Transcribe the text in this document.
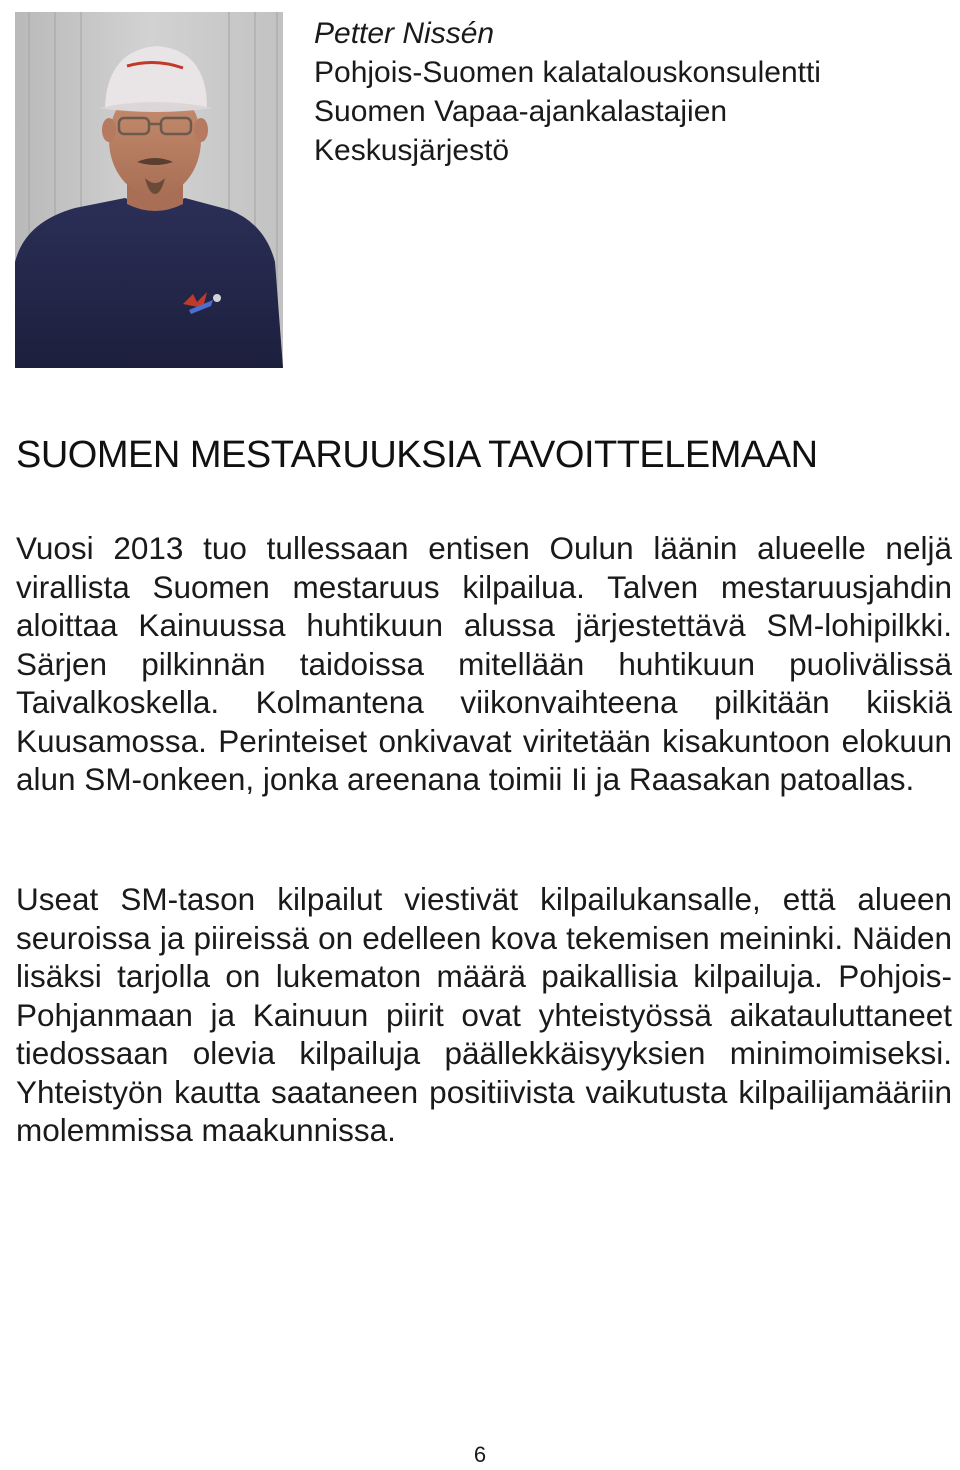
Petter Nissén
Pohjois-Suomen kalatalouskonsulentti
Suomen Vapaa-ajankalastajien
Keskusjärjestö
SUOMEN MESTARUUKSIA TAVOITTELEMAAN

Vuosi 2013 tuo tullessaan entisen Oulun läänin alueelle neljä virallista Suomen mestaruus kilpailua. Talven mestaruusjahdin aloittaa Kainuussa huhtikuun alussa järjestettävä SM-lohipilkki. Särjen pilkinnän taidoissa mitellään huhtikuun puolivälissä Taivalkoskella. Kolmantena viikonvaihteena pilkitään kiiskiä Kuusamossa. Perinteiset onkivavat viritetään kisakuntoon elokuun alun SM-onkeen, jonka areenana toimii Ii ja Raasakan patoallas.

Useat SM-tason kilpailut viestivät kilpailukansalle, että alueen seuroissa ja piireissä on edelleen kova tekemisen meininki. Näiden lisäksi tarjolla on lukematon määrä paikallisia kilpailuja. Pohjois-Pohjanmaan ja Kainuun piirit ovat yhteistyössä aikatauluttaneet tiedossaan olevia kilpailuja päällekkäisyyksien minimoimiseksi. Yhteistyön kautta saataneen positiivista vaikutusta kilpailijamääriin molemmissa maakunnissa.

6
